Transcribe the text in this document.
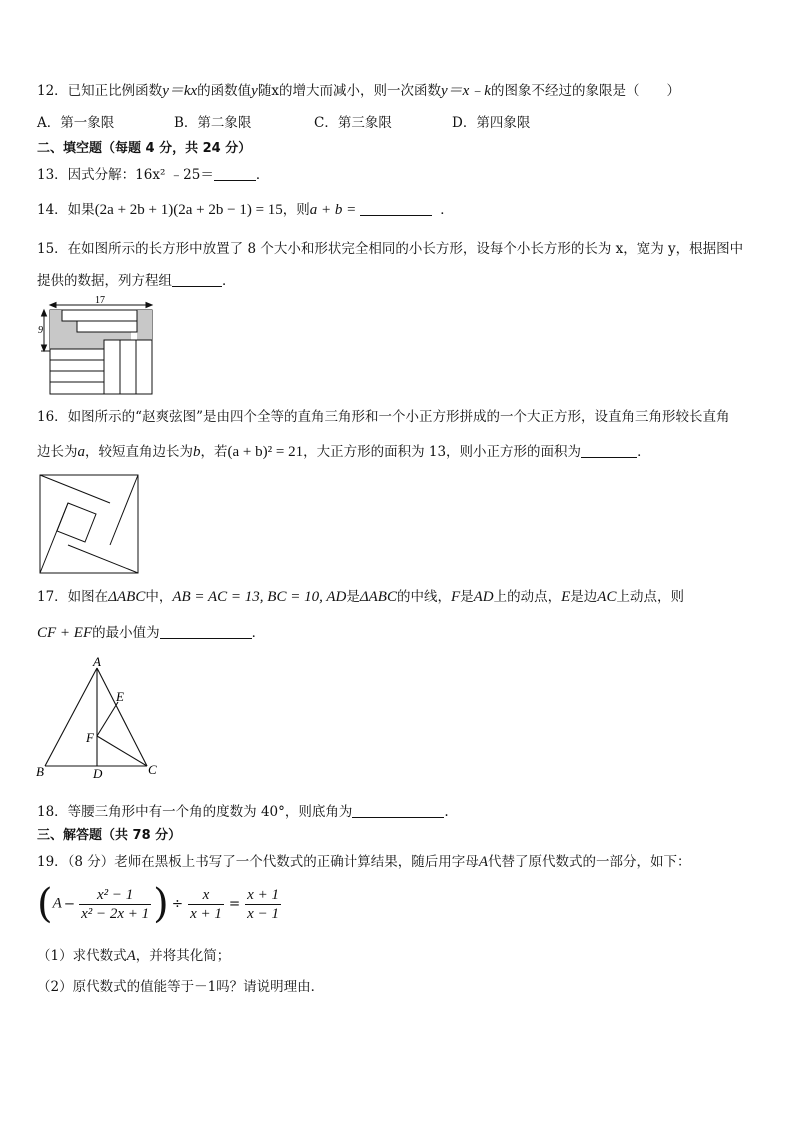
12．已知正比例函数y＝kx的函数值y随x的增大而减小，则一次函数y＝x﹣k的图象不经过的象限是（　　）
A．第一象限	B．第二象限	C．第三象限	D．第四象限
二、填空题（每题 4 分，共 24 分）
13．因式分解：16x² ﹣25＝	．
14．如果(2a + 2b + 1)(2a + 2b − 1) = 15，则a + b =	．
15．在如图所示的长方形中放置了 8 个大小和形状完全相同的小长方形，设每个小长方形的长为 x，宽为 y，根据图中
提供的数据，列方程组	．
17
9
16．如图所示的“赵爽弦图”是由四个全等的直角三角形和一个小正方形拼成的一个大正方形，设直角三角形较长直角
边长为a，较短直角边长为b，若(a + b)² = 21，大正方形的面积为 13，则小正方形的面积为	．
17．如图在ΔABC中，AB = AC = 13, BC = 10, AD是ΔABC的中线，F是AD上的动点，E是边AC上动点，则
CF + EF的最小值为	．
A
B	C
D
E
F
18．等腰三角形中有一个角的度数为 40°，则底角为	.
三、解答题（共 78 分）
19．（8 分）老师在黑板上书写了一个代数式的正确计算结果，随后用字母A代替了原代数式的一部分，如下：
($A - \frac{\text{x² − 1}}{\text{x² − 2x + 1}}$ ) ÷ $\frac{x}{x + 1} = \frac{x + 1}{x - 1}$
（1）求代数式A，并将其化简；
（2）原代数式的值能等于－1吗？请说明理由．
